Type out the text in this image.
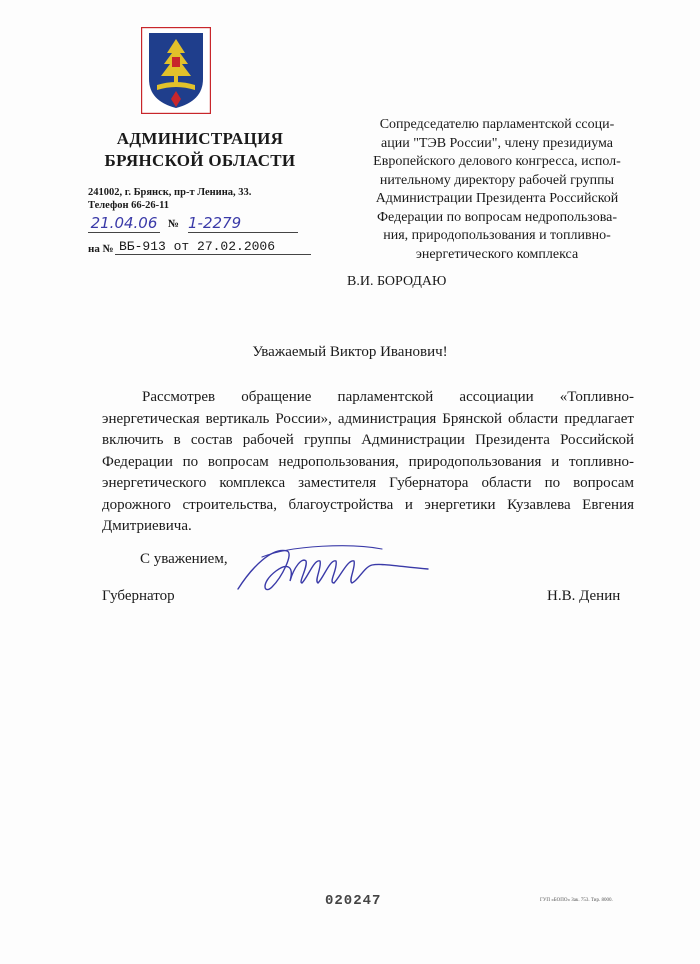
АДМИНИСТРАЦИЯ
БРЯНСКОЙ ОБЛАСТИ
241002, г. Брянск, пр-т Ленина, 33.
Телефон 66-26-11
21.04.06 № 1-2279
на № ВБ-913 от 27.02.2006
Сопредседателю парламентской ссоци-
ации "ТЭВ России", члену президиума
Европейского делового конгресса, испол-
нительному директору рабочей группы
Администрации Президента Российской
Федерации по вопросам недропользова-
ния, природопользования и топливно-
энергетического комплекса
В.И. БОРОДАЮ
Уважаемый Виктор Иванович!
Рассмотрев обращение парламентской ассоциации «Топливно-энергетическая вертикаль России», администрация Брянской области предлагает включить в состав рабочей группы Администрации Президента Российской Федерации по вопросам недропользования, природопользования и топливно-энергетического комплекса заместителя Губернатора области по вопросам дорожного строительства, благоустройства и энергетики Кузавлева Евгения Дмитриевича.
С уважением,
Губернатор	Н.В. Денин
020247	ГУП «БОПО» Зак. 753. Тир. 8000.
